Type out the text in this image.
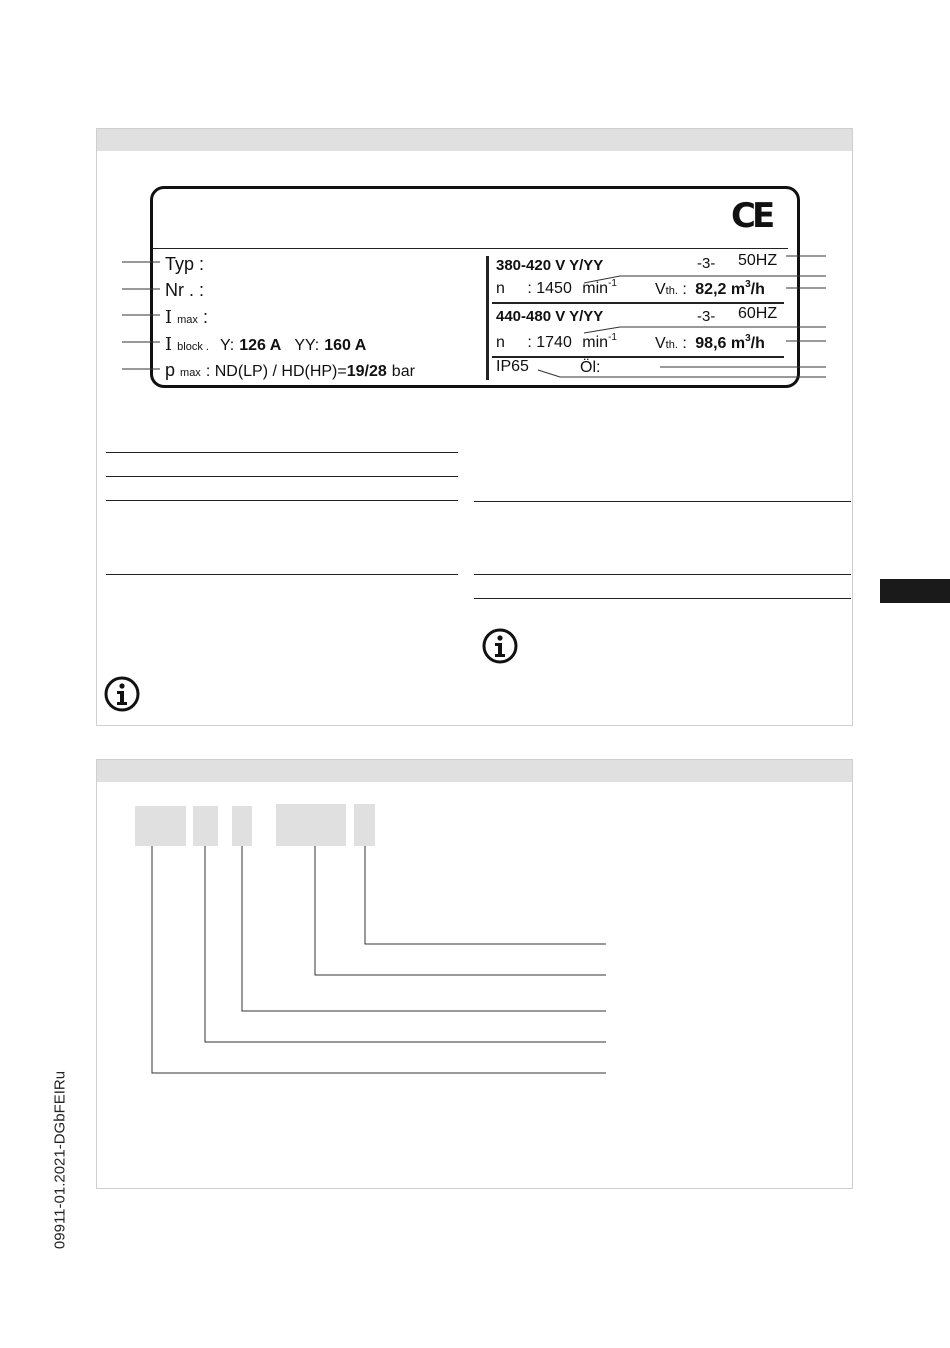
CE
Typ :
Nr . :
I max :
I block . Y: 126 A YY: 160 A
p max : ND(LP) / HD(HP)=19/28 bar
380-420 V Y/YY	-3- 50HZ
n : 1450 $\min^{-1}$ Vth. : 82,2 $m^3/h$
440-480 V Y/YY	-3- 60HZ
n : 1740 $\min^{-1}$ Vth. : 98,6 $m^3/h$
IP65	Öl:
09911-01.2021-DGbFEIRu
